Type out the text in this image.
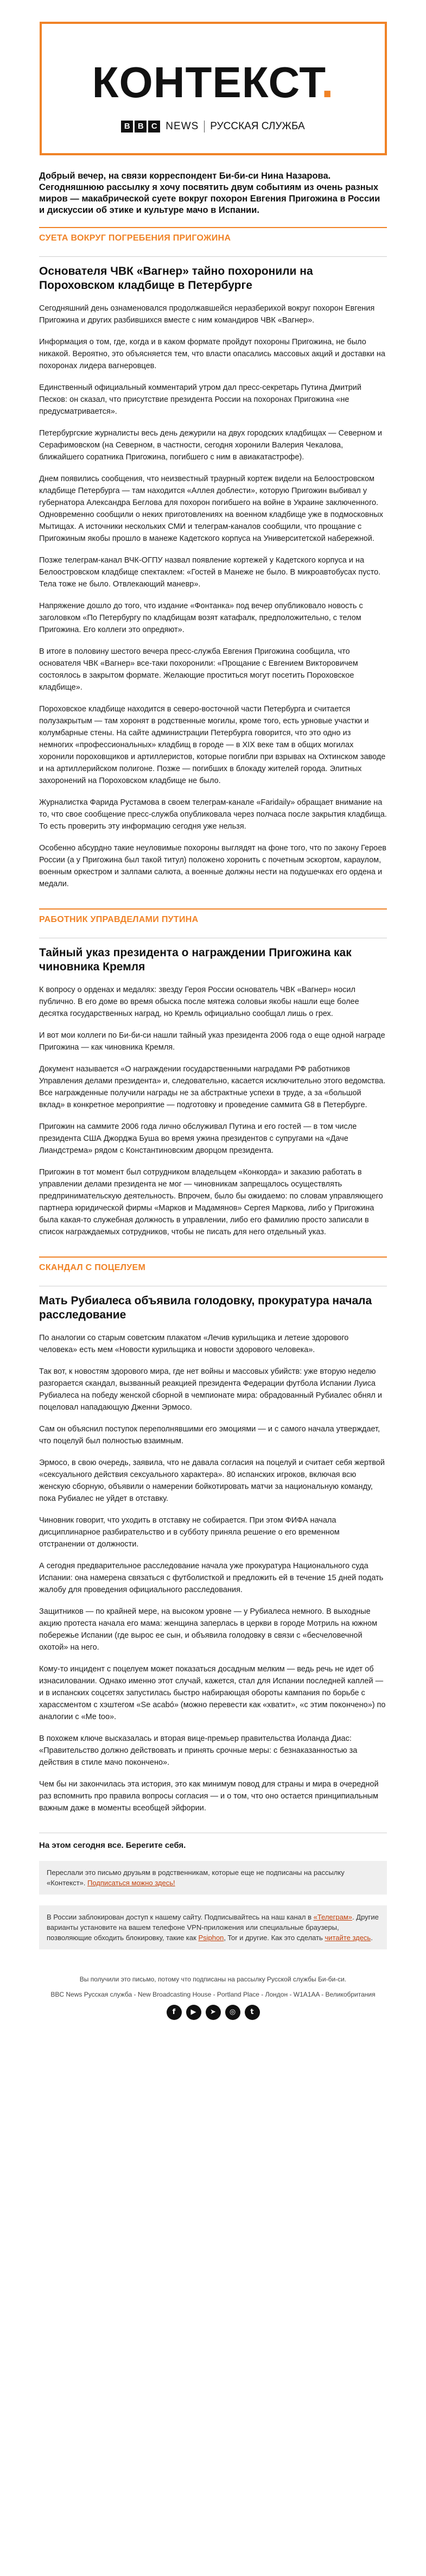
КОНТЕКСТ.
B B C NEWS РУССКАЯ СЛУЖБА
Добрый вечер, на связи корреспондент Би-би-си Нина Назарова. Сегодняшнюю рассылку я хочу посвятить двум событиям из очень разных миров — макабрической суете вокруг похорон Евгения Пригожина в России и дискуссии об этике и культуре мачо в Испании.
СУЕТА ВОКРУГ ПОГРЕБЕНИЯ ПРИГОЖИНА
Основателя ЧВК «Вагнер» тайно похоронили на Пороховском кладбище в Петербурге

Сегодняшний день ознаменовался продолжавшейся неразберихой вокруг похорон Евгения Пригожина и других разбившихся вместе с ним командиров ЧВК «Вагнер».

Информация о том, где, когда и в каком формате пройдут похороны Пригожина, не было никакой. Вероятно, это объясняется тем, что власти опасались массовых акций и доставки на похоронах лидера вагнеровцев.

Единственный официальный комментарий утром дал пресс-секретарь Путина Дмитрий Песков: он сказал, что присутствие президента России на похоронах Пригожина «не предусматривается».

Петербургские журналисты весь день дежурили на двух городских кладбищах — Северном и Серафимовском (на Северном, в частности, сегодня хоронили Валерия Чекалова, ближайшего соратника Пригожина, погибшего с ним в авиакатастрофе).

Днем появились сообщения, что неизвестный траурный кортеж видели на Белоостровском кладбище Петербурга — там находится «Аллея доблести», которую Пригожин выбивал у губернатора Александра Беглова для похорон погибшего на войне в Украине заключенного. Одновременно сообщили о неких приготовлениях на военном кладбище уже в подмосковных Мытищах. А источники нескольких СМИ и телеграм-каналов сообщили, что прощание с Пригожиным якобы прошло в манеже Кадетского корпуса на Университетской набережной.

Позже телеграм-канал ВЧК-ОГПУ назвал появление кортежей у Кадетского корпуса и на Белоостровском кладбище спектаклем: «Гостей в Манеже не было. В микроавтобусах пусто. Тела тоже не было. Отвлекающий маневр».

Напряжение дошло до того, что издание «Фонтанка» под вечер опубликовало новость с заголовком «По Петербургу по кладбищам возят катафалк, предположительно, с телом Пригожина. Его коллеги это опредяют».

В итоге в половину шестого вечера пресс-служба Евгения Пригожина сообщила, что основателя ЧВК «Вагнер» все-таки похоронили: «Прощание с Евгением Викторовичем состоялось в закрытом формате. Желающие проститься могут посетить Пороховское кладбище».

Пороховское кладбище находится в северо-восточной части Петербурга и считается полузакрытым — там хоронят в родственные могилы, кроме того, есть урновые участки и колумбарные стены. На сайте администрации Петербурга говорится, что это одно из немногих «профессиональных» кладбищ в городе — в XIX веке там в общих могилах хоронили пороховщиков и артиллеристов, которые погибли при взрывах на Охтинском заводе и на артиллерийском полигоне. Позже — погибших в блокаду жителей города. Элитных захоронений на Пороховском кладбище не было.

Журналистка Фарида Рустамова в своем телеграм-канале «Faridaily» обращает внимание на то, что свое сообщение пресс-служба опубликовала через полчаса после закрытия кладбища. То есть проверить эту информацию сегодня уже нельзя.

Особенно абсурдно такие неуловимые похороны выглядят на фоне того, что по закону Героев России (а у Пригожина был такой титул) положено хоронить с почетным эскортом, караулом, военным оркестром и залпами салюта, а военные должны нести на подушечках его ордена и медали.

РАБОТНИК УПРАВДЕЛАМИ ПУТИНА
Тайный указ президента о награждении Пригожина как чиновника Кремля

К вопросу о орденах и медалях: звезду Героя России основатель ЧВК «Вагнер» носил публично. В его доме во время обыска после мятежа соловьи якобы нашли еще более десятка государственных наград, но Кремль официально сообщал лишь о грех.

И вот мои коллеги по Би-би-си нашли тайный указ президента 2006 года о еще одной награде Пригожина — как чиновника Кремля.

Документ называется «О награждении государственными наградами РФ работников Управления делами президента» и, следовательно, касается исключительно этого ведомства. Все награжденные получили награды не за абстрактные успехи в труде, а за «большой вклад» в конкретное мероприятие — подготовку и проведение саммита G8 в Петербурге.

Пригожин на саммите 2006 года лично обслуживал Путина и его гостей — в том числе президента США Джорджа Буша во время ужина президентов с супругами на «Даче Лиандстрема» рядом с Константиновским дворцом президента.

Пригожин в тот момент был сотрудником владельцем «Конкорда» и заказию работать в управлении делами президента не мог — чиновникам запрещалось осуществлять предпринимательскую деятельность. Впрочем, было бы ожидаемо: по словам управляющего партнера юридической фирмы «Марков и Мадамянов» Сергея Маркова, либо у Пригожина была какая-то служебная должность в управлении, либо его фамилию просто записали в список награждаемых сотрудников, чтобы не писать для него отдельный указ.

СКАНДАЛ С ПОЦЕЛУЕМ
Мать Рубиалеса объявила голодовку, прокуратура начала расследование

По аналогии со старым советским плакатом «Лечив курильщика и летеие здорового человека» есть мем «Новости курильщика и новости здорового человека».

Так вот, к новостям здорового мира, где нет войны и массовых убийств: уже вторую неделю разгорается скандал, вызванный реакцией президента Федерации футбола Испании Луиса Рубиалеса на победу женской сборной в чемпионате мира: обрадованный Рубиалес обнял и поцеловал нападающую Дженни Эрмосо.

Сам он объяснил поступок переполнявшими его эмоциями — и с самого начала утверждает, что поцелуй был полностью взаимным.

Эрмосо, в свою очередь, заявила, что не давала согласия на поцелуй и считает себя жертвой «сексуального действия сексуального характера». 80 испанских игроков, включая всю женскую сборную, объявили о намерении бойкотировать матчи за национальную команду, пока Рубиалес не уйдет в отставку.

Чиновник говорит, что уходить в отставку не собирается. При этом ФИФА начала дисциплинарное разбирательство и в субботу приняла решение о его временном отстранении от должности.

А сегодня предварительное расследование начала уже прокуратура Национального суда Испании: она намерена связаться с футболисткой и предложить ей в течение 15 дней подать жалобу для проведения официального расследования.

Защитников — по крайней мере, на высоком уровне — у Рубиалеса немного. В выходные акцию протеста начала его мама: женщина заперлась в церкви в городе Мотриль на южном побережье Испании (где вырос ее сын, и объявила голодовку в связи с «бесчеловечной охотой» на него.

Кому-то инцидент с поцелуем может показаться досадным мелким — ведь речь не идет об изнасиловании. Однако именно этот случай, кажется, стал для Испании последней каплей — и в испанских соцсетях запустилась быстро набирающая обороты кампания по борьбе с харассментом с хэштегом «Se acabó» (можно перевести как «хватит», «с этим покончено») по аналогии с «Me too».

В похожем ключе высказалась и вторая вице-премьер правительства Иоланда Диас: «Правительство должно действовать и принять срочные меры: с безнаказанностью за действия в стиле мачо покончено».

Чем бы ни закончилась эта история, это как минимум повод для страны и мира в очередной раз вспомнить про правила вопросы согласия — и о том, что оно остается принципиальным важным даже в моменты всеобщей эйфории.

На этом сегодня все. Берегите себя.
Переслали это письмо друзьям в родственникам, которые еще не подписаны на рассылку «Контекст». Подписаться можно здесь!
В России заблокирован доступ к нашему сайту. Подписывайтесь на наш канал в «Телеграм». Другие варианты установите на вашем телефоне VPN-приложения или специальные браузеры, позволяющие обходить блокировку, такие как Psiphon, Tor и другие. Как это сделать читайте здесь.
Вы получили это письмо, потому что подписаны на рассылку Русской службы Би-би-си.
BBC News Русская служба - New Broadcasting House - Portland Place - Лондон - W1A1AA - Великобритания
f	▶	➤	◎	t
